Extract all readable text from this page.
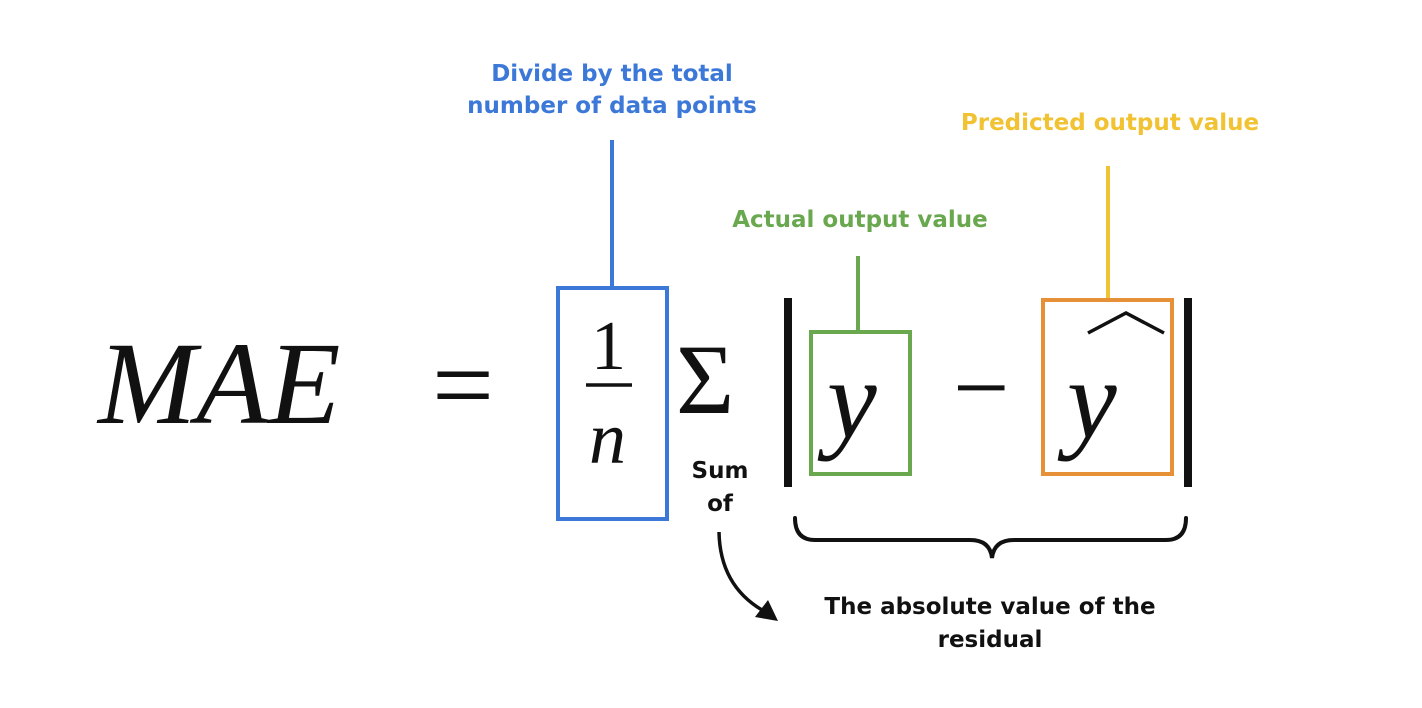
MAE = 1
n
Σ y − y
Divide by the total
number of data points
Predicted output value
Actual output value
Sum
of
The absolute value of the
residual
